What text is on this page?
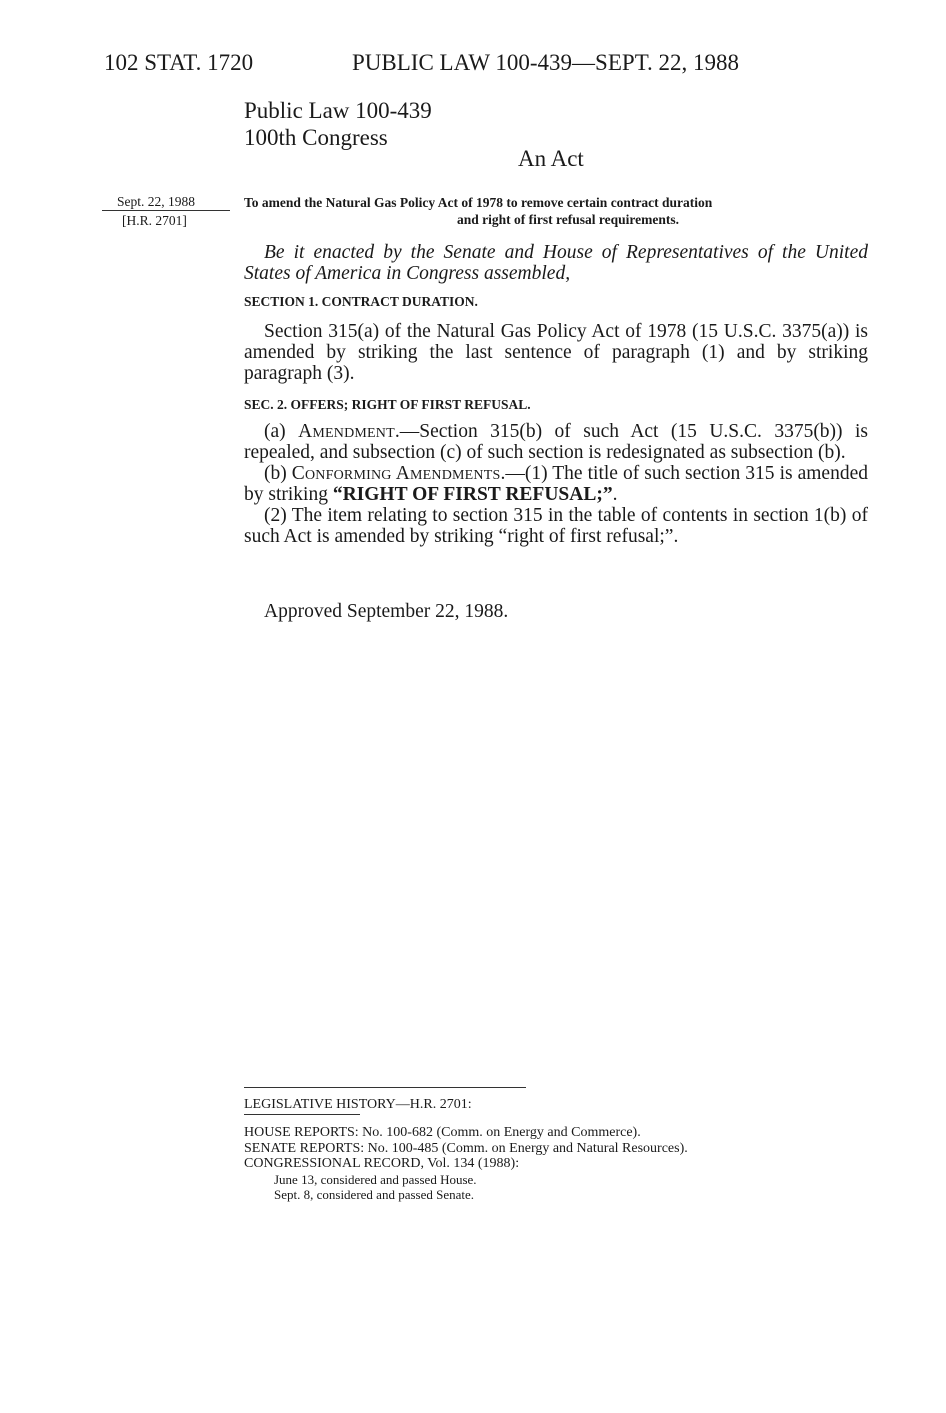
102 STAT. 1720	PUBLIC LAW 100-439—SEPT. 22, 1988
Public Law 100-439
100th Congress
An Act
Sept. 22, 1988
[H.R. 2701]
To amend the Natural Gas Policy Act of 1978 to remove certain contract duration
and right of first refusal requirements.

Be it enacted by the Senate and House of Representatives of the United States of America in Congress assembled,

SECTION 1. CONTRACT DURATION.

Section 315(a) of the Natural Gas Policy Act of 1978 (15 U.S.C. 3375(a)) is amended by striking the last sentence of paragraph (1) and by striking paragraph (3).

SEC. 2. OFFERS; RIGHT OF FIRST REFUSAL.

(a) Amendment.—Section 315(b) of such Act (15 U.S.C. 3375(b)) is repealed, and subsection (c) of such section is redesignated as subsection (b).

(b) Conforming Amendments.—(1) The title of such section 315 is amended by striking “RIGHT OF FIRST REFUSAL;”.

(2) The item relating to section 315 in the table of contents in section 1(b) of such Act is amended by striking “right of first refusal;”.

Approved September 22, 1988.
LEGISLATIVE HISTORY—H.R. 2701:
HOUSE REPORTS: No. 100-682 (Comm. on Energy and Commerce).
SENATE REPORTS: No. 100-485 (Comm. on Energy and Natural Resources).
CONGRESSIONAL RECORD, Vol. 134 (1988):
June 13, considered and passed House.
Sept. 8, considered and passed Senate.
